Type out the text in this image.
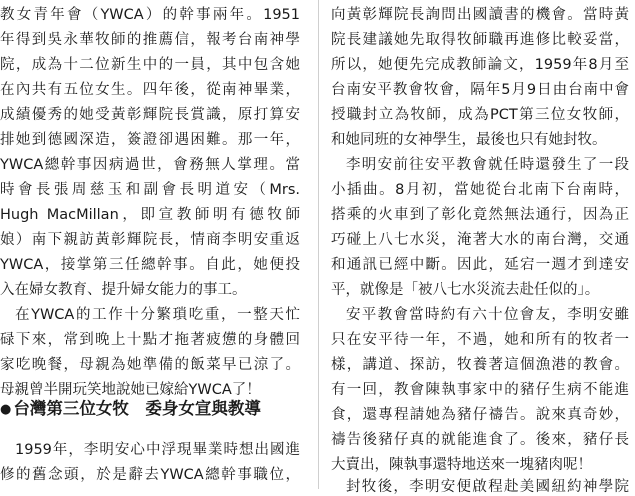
教女青年會（YWCA）的幹事兩年。1951
年得到吳永華牧師的推薦信，報考台南神學
院，成為十二位新生中的一員，其中包含她
在內共有五位女生。四年後，從南神畢業，
成績優秀的她受黃彰輝院長賞識，原打算安
排她到德國深造，簽證卻遇困難。那一年，
YWCA總幹事因病過世，會務無人掌理。當
時會長張周慈玉和副會長明道安（Mrs.
Hugh MacMillan，即宣教師明有德牧師
娘）南下親訪黃彰輝院長，情商李明安重返
YWCA，接掌第三任總幹事。自此，她便投
入在婦女教育、提升婦女能力的事工。
在YWCA的工作十分繁瑣吃重，一整天忙
碌下來，常到晚上十點才拖著疲憊的身體回
家吃晚餐，母親為她準備的飯菜早已涼了。
母親曾半開玩笑地說她已嫁給YWCA了！
● 台灣第三位女牧　委身女宣與教導
1959年，李明安心中浮現畢業時想出國進
修的舊念頭，於是辭去YWCA總幹事職位，
向黃彰輝院長詢問出國讀書的機會。當時黃
院長建議她先取得牧師職再進修比較妥當，
所以，她便先完成教師論文，1959年8月至
台南安平教會牧會，隔年5月9日由台南中會
授職封立為牧師，成為PCT第三位女牧師，
和她同班的女神學生，最後也只有她封牧。
李明安前往安平教會就任時還發生了一段
小插曲。8月初，當她從台北南下台南時，
搭乘的火車到了彰化竟然無法通行，因為正
巧碰上八七水災，淹著大水的南台灣，交通
和通訊已經中斷。因此，延宕一週才到達安
平，就像是「被八七水災流去赴任似的」。
安平教會當時約有六十位會友，李明安雖
只在安平待一年，不過，她和所有的牧者一
樣，講道、探訪，牧養著這個漁港的教會。
有一回，教會陳執事家中的豬仔生病不能進
食，還專程請她為豬仔禱告。說來真奇妙，
禱告後豬仔真的就能進食了。後來，豬仔長
大賣出，陳執事還特地送來一塊豬肉呢！
封牧後，李明安便啟程赴美國紐約神學院
